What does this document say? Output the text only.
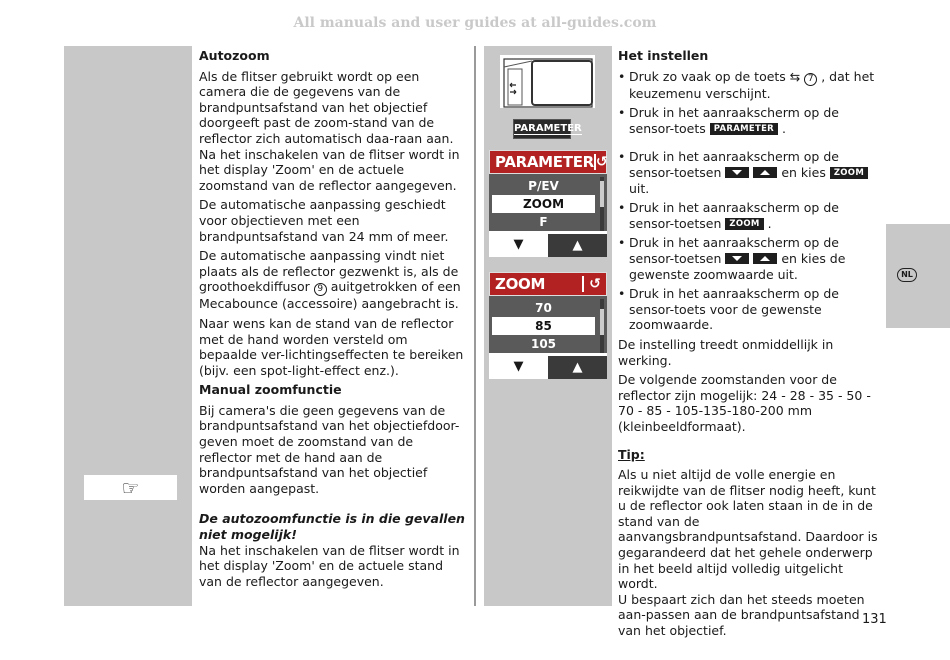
All manuals and user guides at all-guides.com
NL
☞
Autozoom
Als de flitser gebruikt wordt op een camera die de gegevens van de brandpuntsafstand van het objectief doorgeeft past de zoom-stand van de reflector zich automatisch daa-raan aan. Na het inschakelen van de flitser wordt in het display 'Zoom' en de actuele zoomstand van de reflector aangegeven.
De automatische aanpassing geschiedt voor objectieven met een brandpuntsafstand van 24 mm of meer.
De automatische aanpassing vindt niet plaats als de reflector gezwenkt is, als de groothoekdiffusor 9 auitgetrokken of een Mecabounce (accessoire) aangebracht is.
Naar wens kan de stand van de reflector met de hand worden versteld om bepaalde ver-lichtingseffecten te bereiken (bijv. een spot-light-effect enz.).
Manual zoomfunctie
Bij camera's die geen gegevens van de brandpuntsafstand van het objectiefdoor-geven moet de zoomstand van de reflector met de hand aan de brandpuntsafstand van het objectief worden aangepast.
De autozoomfunctie is in die gevallen niet mogelijk!
Na het inschakelen van de flitser wordt in het display 'Zoom' en de actuele stand van de reflector aangegeven.
PARAMETER
PARAMETER ↺
P/EV
ZOOM
F
▼	▲
ZOOM	↺
70
85
105
▼	▲
Het instellen
• Druk zo vaak op de toets ⇆ 7 , dat het keuzemenu verschijnt.
• Druk in het aanraakscherm op de sensor-toets PARAMETER .
• Druk in het aanraakscherm op de sensor-toetsen
	en kies ZOOM uit.
• Druk in het aanraakscherm op de sensor-toetsen ZOOM .
• Druk in het aanraakscherm op de sensor-toetsen
	en kies de gewenste zoomwaarde uit.
• Druk in het aanraakscherm op de sensor-toets voor de gewenste zoomwaarde.
De instelling treedt onmiddellijk in werking.
De volgende zoomstanden voor de reflector zijn mogelijk: 24 - 28 - 35 - 50 - 70 - 85 - 105-135-180-200 mm (kleinbeeldformaat).
Tip:
Als u niet altijd de volle energie en reikwijdte van de flitser nodig heeft, kunt u de reflector ook laten staan in de in de stand van de aanvangsbrandpuntsafstand. Daardoor is gegarandeerd dat het gehele onderwerp in het beeld altijd volledig uitgelicht wordt.
U bespaart zich dan het steeds moeten aan-passen aan de brandpuntsafstand van het objectief.
131
